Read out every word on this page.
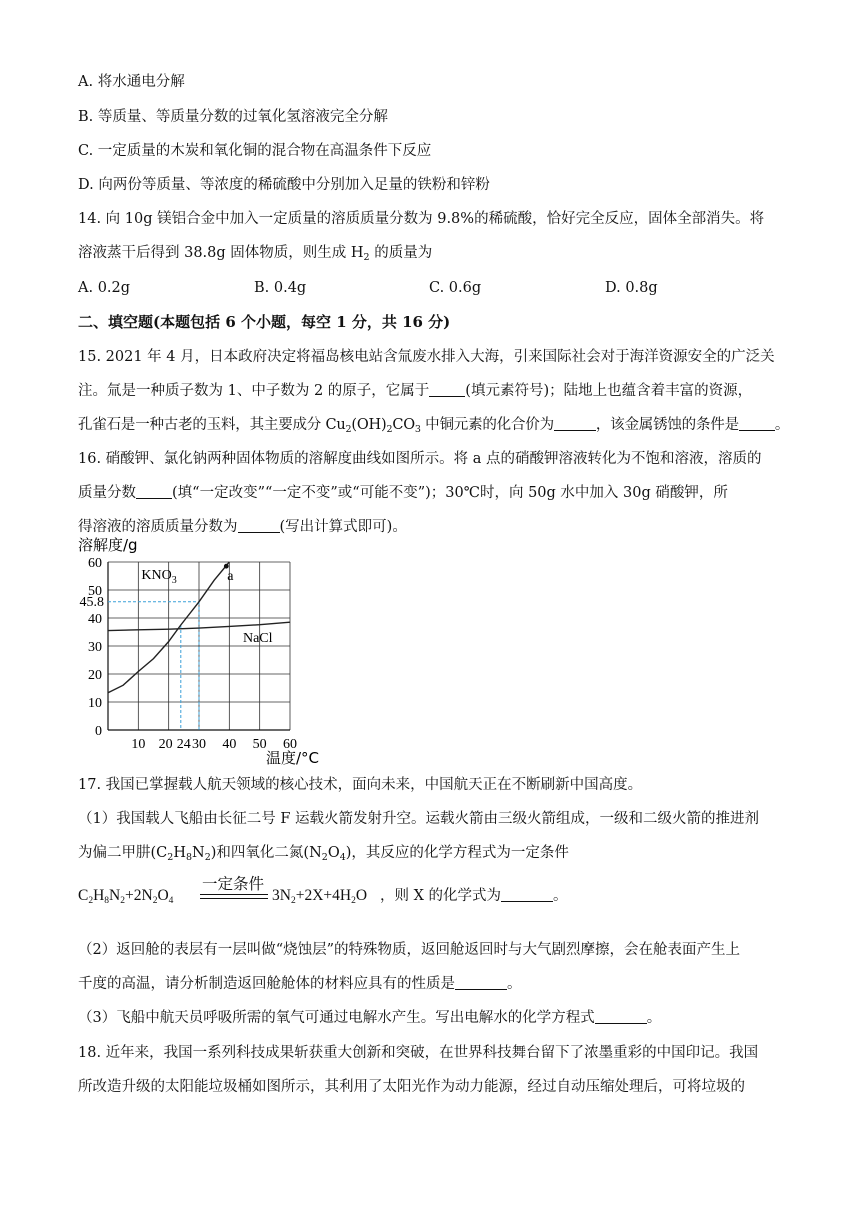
A. 将水通电分解
B. 等质量、等质量分数的过氧化氢溶液完全分解
C. 一定质量的木炭和氧化铜的混合物在高温条件下反应
D. 向两份等质量、等浓度的稀硫酸中分别加入足量的铁粉和锌粉
14. 向 10g 镁铝合金中加入一定质量的溶质质量分数为 9.8%的稀硫酸，恰好完全反应，固体全部消失。将
溶液蒸干后得到 38.8g 固体物质，则生成 $H_2$ 的质量为
A. 0.2g	B. 0.4g	C. 0.6g	D. 0.8g
二、填空题(本题包括 6 个小题，每空 1 分，共 16 分)
15. 2021 年 4 月，日本政府决定将福岛核电站含氚废水排入大海，引来国际社会对于海洋资源安全的广泛关
注。氚是一种质子数为 1、中子数为 2 的原子，它属于 (填元素符号)；陆地上也蕴含着丰富的资源，
孔雀石是一种古老的玉料，其主要成分 $Cu_2(OH)_2CO_3$ 中铜元素的化合价为	，该金属锈蚀的条件是 。
16. 硝酸钾、氯化钠两种固体物质的溶解度曲线如图所示。将 a 点的硝酸钾溶液转化为不饱和溶液，溶质的
质量分数 (填“一定改变”“一定不变”或“可能不变”)；30℃时，向 50g 水中加入 30g 硝酸钾，所
得溶液的溶质质量分数为	(写出计算式即可)。
0
10
20
30
40
50
60
45.8
10 20 24 40 50 60
30
溶解度/g
温度/°C
$KNO_3$
NaCl
a
17. 我国已掌握载人航天领域的核心技术，面向未来，中国航天正在不断刷新中国高度。
（1）我国载人飞船由长征二号 F 运载火箭发射升空。运载火箭由三级火箭组成，一级和二级火箭的推进剂
为偏二甲肼$(C_2H_8N_2)$和四氧化二氮$(N_2O_4)$，其反应的化学方程式为一定条件
$C_2H_8N_2+2N_2O_4$
一定条件
$3N_2+2X+4H_2O$ ，则 X 的化学式为	。
（2）返回舱的表层有一层叫做“烧蚀层”的特殊物质，返回舱返回时与大气剧烈摩擦，会在舱表面产生上
千度的高温，请分析制造返回舱舱体的材料应具有的性质是	。
（3）飞船中航天员呼吸所需的氧气可通过电解水产生。写出电解水的化学方程式	。
18. 近年来，我国一系列科技成果斩获重大创新和突破，在世界科技舞台留下了浓墨重彩的中国印记。我国
所改造升级的太阳能垃圾桶如图所示，其利用了太阳光作为动力能源，经过自动压缩处理后，可将垃圾的
